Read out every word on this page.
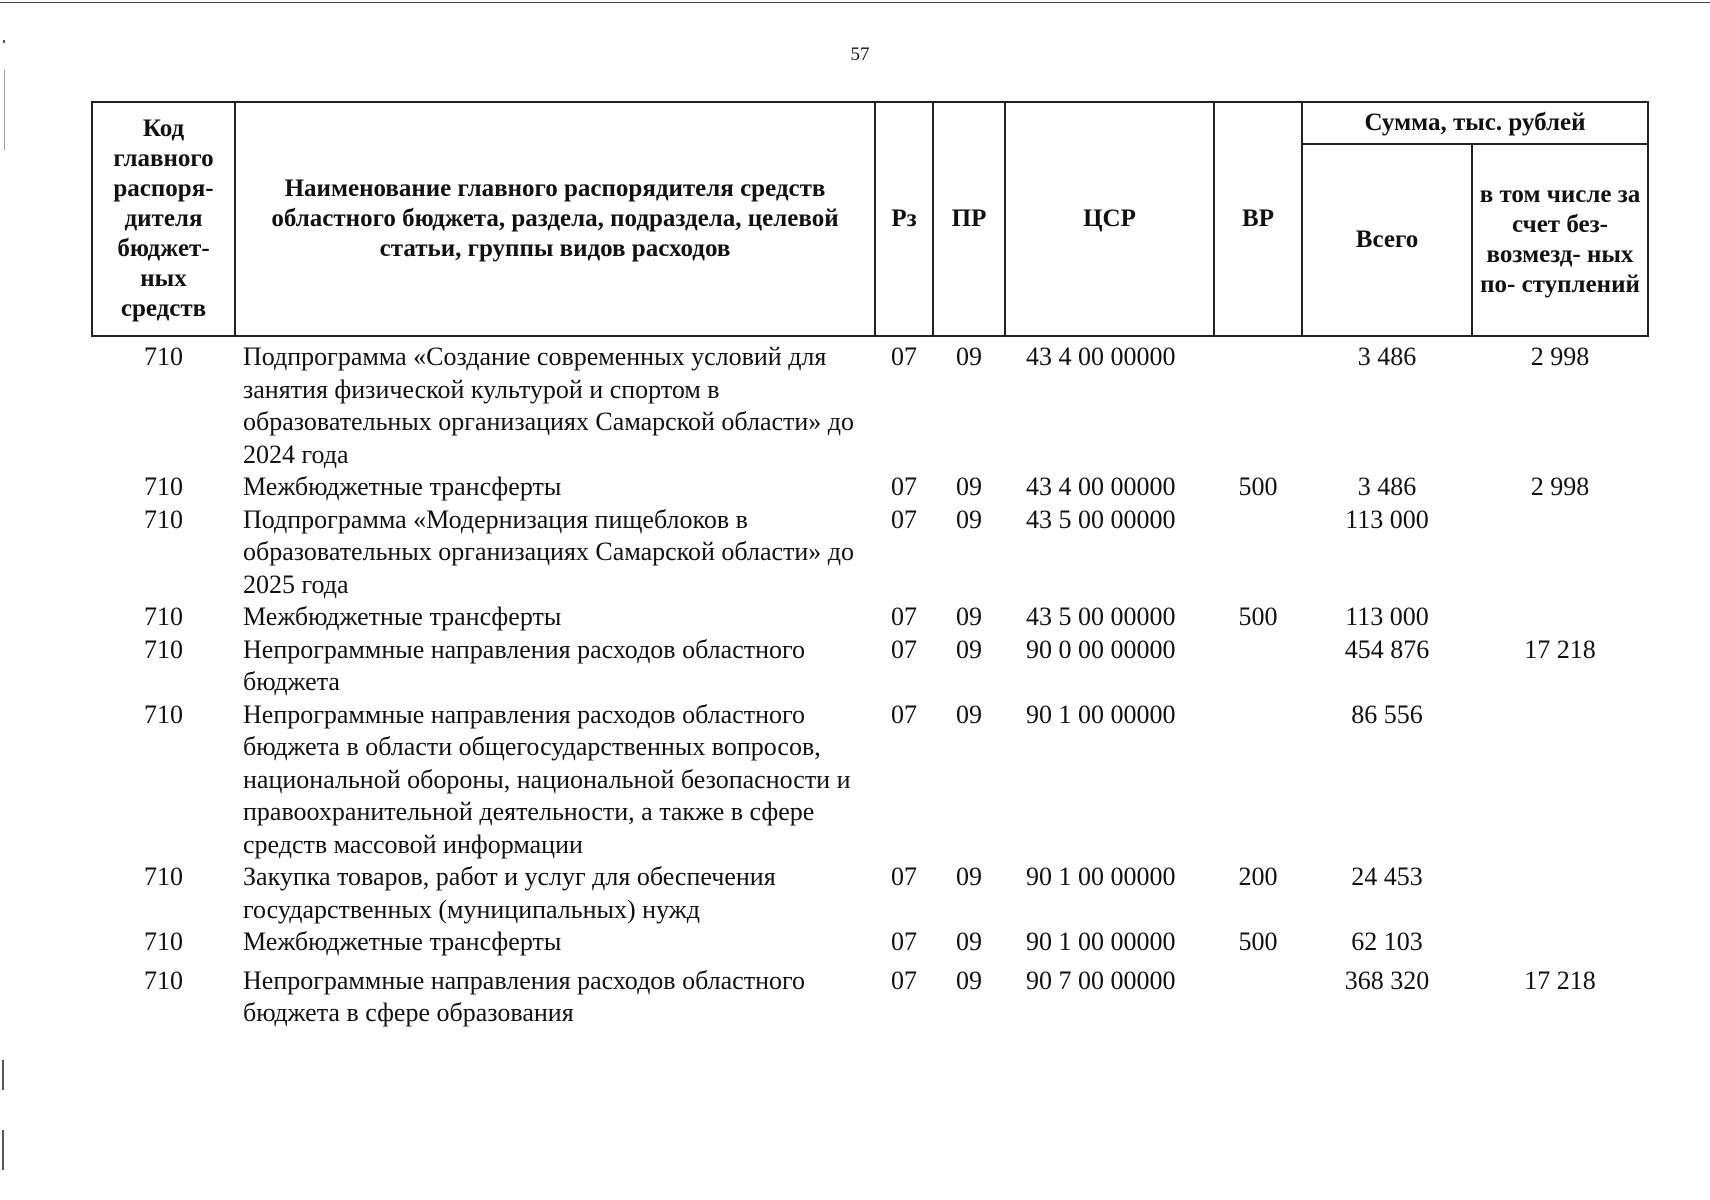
57
Код главного распоря- дителя бюджет- ных средств	Наименование главного распорядителя средств областного бюджета, раздела, подраздела, целевой статьи, группы видов расходов	Рз	ПР	ЦСР	ВР	Сумма, тыс. рублей	
						Всего	в том числе за счет без- возмезд- ных по- ступлений
710	Подпрограмма «Создание современных условий для занятия физической культурой и спортом в образовательных организациях Самарской области» до 2024 года	07	09	43 4 00 00000		3 486	2 998
710	Межбюджетные трансферты	07	09	43 4 00 00000	500	3 486	2 998
710	Подпрограмма «Модернизация пищеблоков в образовательных организациях Самарской области» до 2025 года	07	09	43 5 00 00000		113 000	
710	Межбюджетные трансферты	07	09	43 5 00 00000	500	113 000	
710	Непрограммные направления расходов областного бюджета	07	09	90 0 00 00000		454 876	17 218
710	Непрограммные направления расходов областного бюджета в области общегосударственных вопросов, национальной обороны, национальной безопасности и правоохранительной деятельности, а также в сфере средств массовой информации	07	09	90 1 00 00000		86 556	
710	Закупка товаров, работ и услуг для обеспечения государственных (муниципальных) нужд	07	09	90 1 00 00000	200	24 453	
710	Межбюджетные трансферты	07	09	90 1 00 00000	500	62 103	
710	Непрограммные направления расходов областного бюджета в сфере образования	07	09	90 7 00 00000		368 320	17 218
